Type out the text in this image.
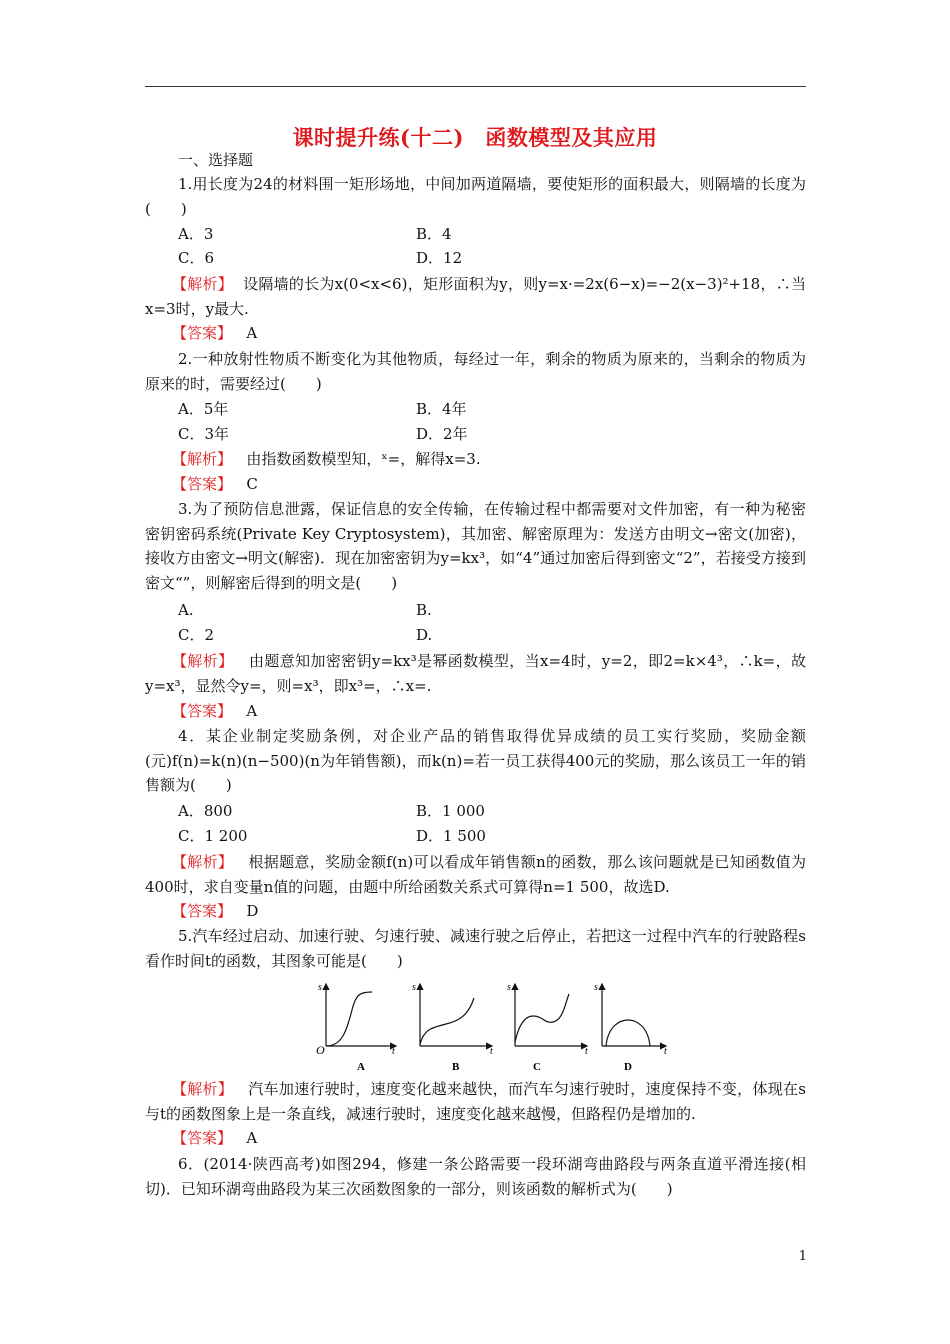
课时提升练(十二)　函数模型及其应用
一、选择题
1.用长度为24的材料围一矩形场地，中间加两道隔墙，要使矩形的面积最大，则隔墙的长度为(　　)
A．3	B．4
C．6	D．12
【解析】 设隔墙的长为x(0<x<6)，矩形面积为y，则y=x·=2x(6−x)=−2(x−3)²+18，∴当x=3时，y最大.
【答案】 A
2.一种放射性物质不断变化为其他物质，每经过一年，剩余的物质为原来的，当剩余的物质为原来的时，需要经过(　　)
A．5年	B．4年
C．3年	D．2年
【解析】 由指数函数模型知，ˣ=，解得x=3.
【答案】 C
3.为了预防信息泄露，保证信息的安全传输，在传输过程中都需要对文件加密，有一种为秘密密钥密码系统(Private Key Cryptosystem)，其加密、解密原理为：发送方由明文→密文(加密)，接收方由密文→明文(解密)．现在加密密钥为y=kx³，如“4”通过加密后得到密文“2”，若接受方接到密文“”，则解密后得到的明文是(　　)
A.	B.
C．2	D.
【解析】 由题意知加密密钥y=kx³是幂函数模型，当x=4时，y=2，即2=k×4³，∴k=，故y=x³，显然令y=，则=x³，即x³=，∴x=.
【答案】 A
4．某企业制定奖励条例，对企业产品的销售取得优异成绩的员工实行奖励，奖励金额(元)f(n)=k(n)(n−500)(n为年销售额)，而k(n)=若一员工获得400元的奖励，那么该员工一年的销售额为(　　)
A．800	B．1 000
C．1 200	D．1 500
【解析】 根据题意，奖励金额f(n)可以看成年销售额n的函数，那么该问题就是已知函数值为400时，求自变量n值的问题，由题中所给函数关系式可算得n=1 500，故选D.
【答案】 D
5.汽车经过启动、加速行驶、匀速行驶、减速行驶之后停止，若把这一过程中汽车的行驶路程s看作时间t的函数，其图象可能是(　　)
O
s
t
A
s
t
B
s
t
C
s
t
D
【解析】 汽车加速行驶时，速度变化越来越快，而汽车匀速行驶时，速度保持不变，体现在s与t的函数图象上是一条直线，减速行驶时，速度变化越来越慢，但路程仍是增加的.
【答案】 A
6．(2014·陕西高考)如图294，修建一条公路需要一段环湖弯曲路段与两条直道平滑连接(相切)．已知环湖弯曲路段为某三次函数图象的一部分，则该函数的解析式为(　　)
1
